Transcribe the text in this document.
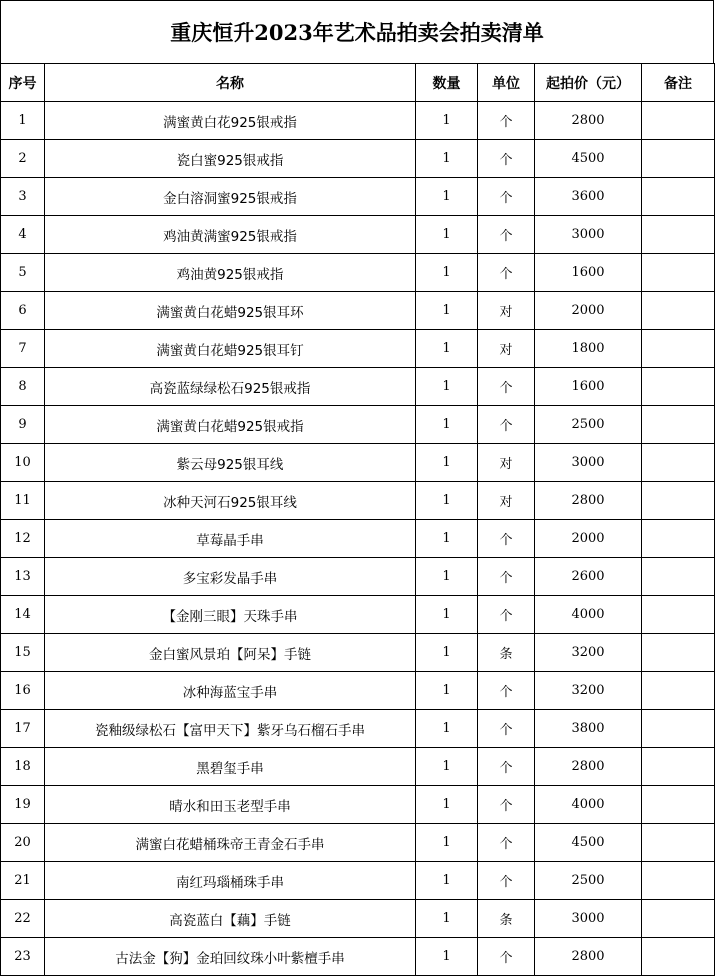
重庆恒升2023年艺术品拍卖会拍卖清单
序号	名称	数量	单位	起拍价（元）	备注
1	满蜜黄白花925银戒指	1	个	2800	
2	瓷白蜜925银戒指	1	个	4500	
3	金白溶洞蜜925银戒指	1	个	3600	
4	鸡油黄满蜜925银戒指	1	个	3000	
5	鸡油黄925银戒指	1	个	1600	
6	满蜜黄白花蜡925银耳环	1	对	2000	
7	满蜜黄白花蜡925银耳钉	1	对	1800	
8	高瓷蓝绿绿松石925银戒指	1	个	1600	
9	满蜜黄白花蜡925银戒指	1	个	2500	
10	紫云母925银耳线	1	对	3000	
11	冰种天河石925银耳线	1	对	2800	
12	草莓晶手串	1	个	2000	
13	多宝彩发晶手串	1	个	2600	
14	【金刚三眼】天珠手串	1	个	4000	
15	金白蜜风景珀【阿呆】手链	1	条	3200	
16	冰种海蓝宝手串	1	个	3200	
17	瓷釉级绿松石【富甲天下】紫牙乌石榴石手串	1	个	3800	
18	黑碧玺手串	1	个	2800	
19	晴水和田玉老型手串	1	个	4000	
20	满蜜白花蜡桶珠帝王青金石手串	1	个	4500	
21	南红玛瑙桶珠手串	1	个	2500	
22	高瓷蓝白【藕】手链	1	条	3000	
23	古法金【狗】金珀回纹珠小叶紫檀手串	1	个	2800	
